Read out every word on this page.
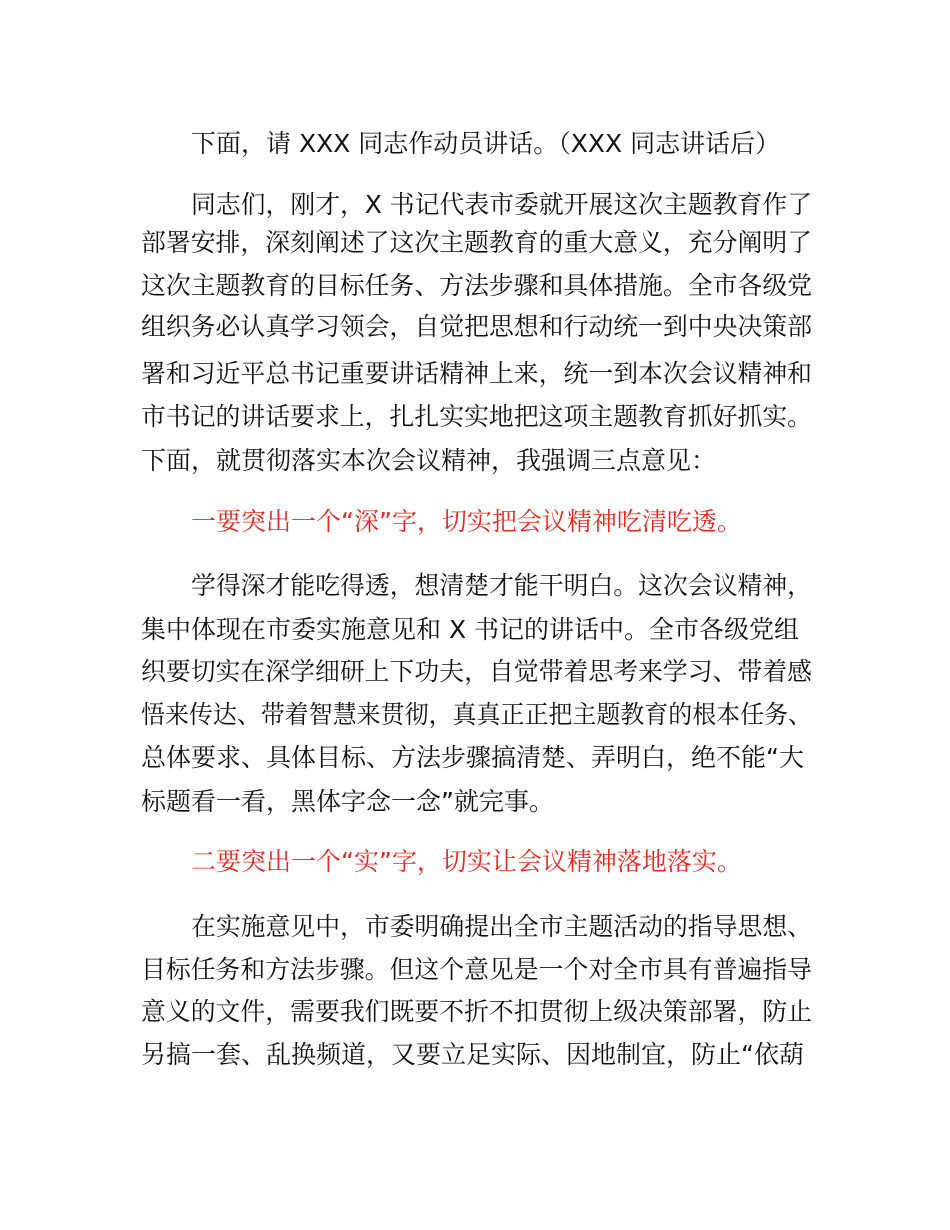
下面，请 XXX 同志作动员讲话。（XXX 同志讲话后）
同志们，刚才，X 书记代表市委就开展这次主题教育作了
部署安排，深刻阐述了这次主题教育的重大意义，充分阐明了
这次主题教育的目标任务、方法步骤和具体措施。全市各级党
组织务必认真学习领会，自觉把思想和行动统一到中央决策部
署和习近平总书记重要讲话精神上来，统一到本次会议精神和
市书记的讲话要求上，扎扎实实地把这项主题教育抓好抓实。
下面，就贯彻落实本次会议精神，我强调三点意见：
一要突出一个“深”字，切实把会议精神吃清吃透。
学得深才能吃得透，想清楚才能干明白。这次会议精神，
集中体现在市委实施意见和 X 书记的讲话中。全市各级党组
织要切实在深学细研上下功夫，自觉带着思考来学习、带着感
悟来传达、带着智慧来贯彻，真真正正把主题教育的根本任务、
总体要求、具体目标、方法步骤搞清楚、弄明白，绝不能“大
标题看一看，黑体字念一念”就完事。
二要突出一个“实”字，切实让会议精神落地落实。
在实施意见中，市委明确提出全市主题活动的指导思想、
目标任务和方法步骤。但这个意见是一个对全市具有普遍指导
意义的文件，需要我们既要不折不扣贯彻上级决策部署，防止
另搞一套、乱换频道，又要立足实际、因地制宜，防止“依葫
